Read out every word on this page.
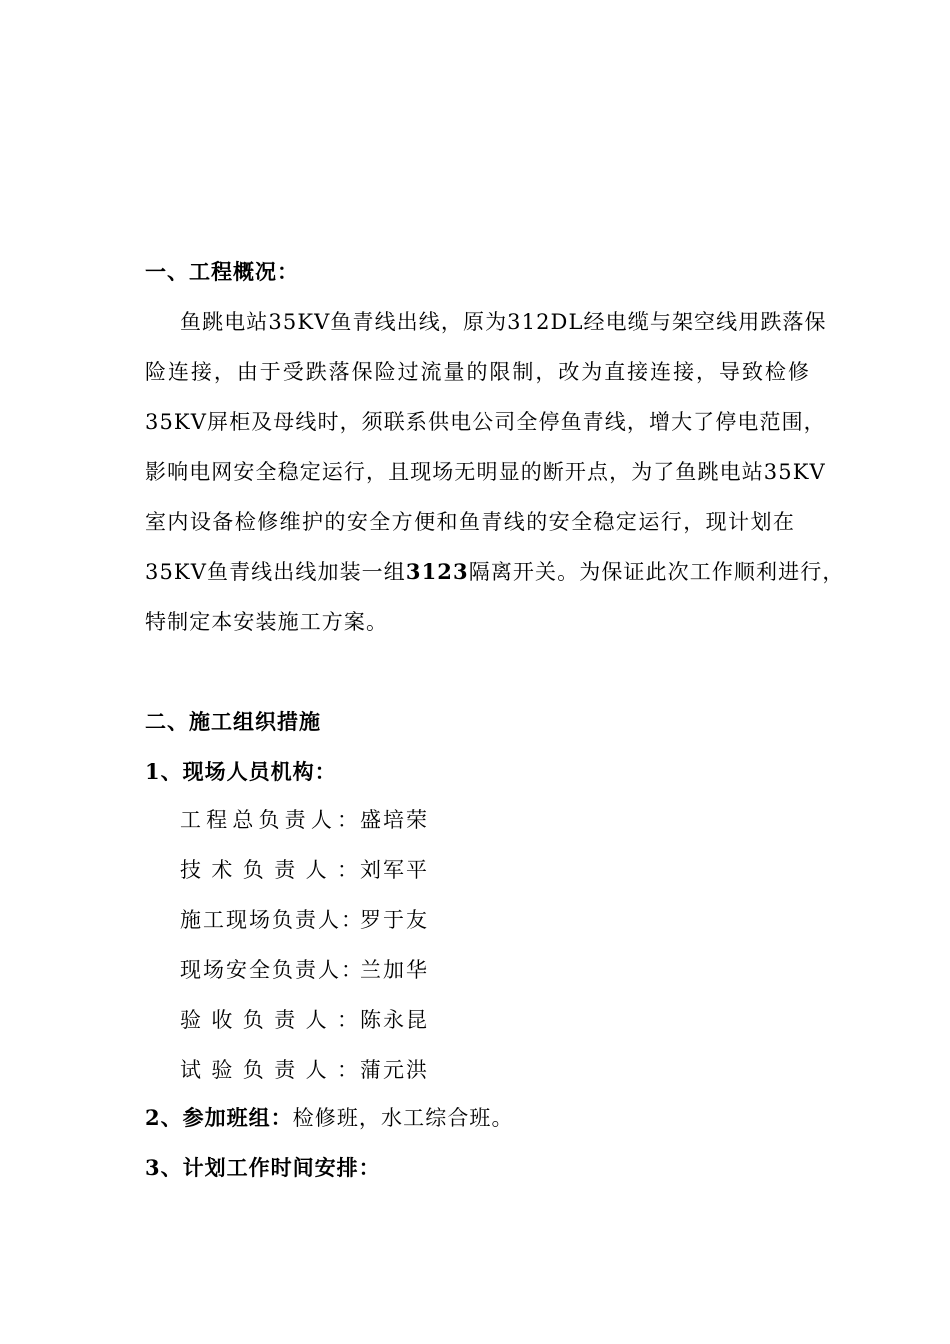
一、工程概况：
鱼跳电站35KV鱼青线出线，原为312DL经电缆与架空线用跌落保
险连接，由于受跌落保险过流量的限制，改为直接连接，导致检修
35KV屏柜及母线时，须联系供电公司全停鱼青线，增大了停电范围，
影响电网安全稳定运行，且现场无明显的断开点，为了鱼跳电站35KV
室内设备检修维护的安全方便和鱼青线的安全稳定运行，现计划在
35KV鱼青线出线加装一组3123隔离开关。为保证此次工作顺利进行，
特制定本安装施工方案。
二、施工组织措施
1、现场人员机构：
工程总负责人：盛培荣
技术负责人：刘军平
施工现场负责人：罗于友
现场安全负责人：兰加华
验收负责人：陈永昆
试验负责人：蒲元洪
2、参加班组：检修班，水工综合班。
3、计划工作时间安排：
